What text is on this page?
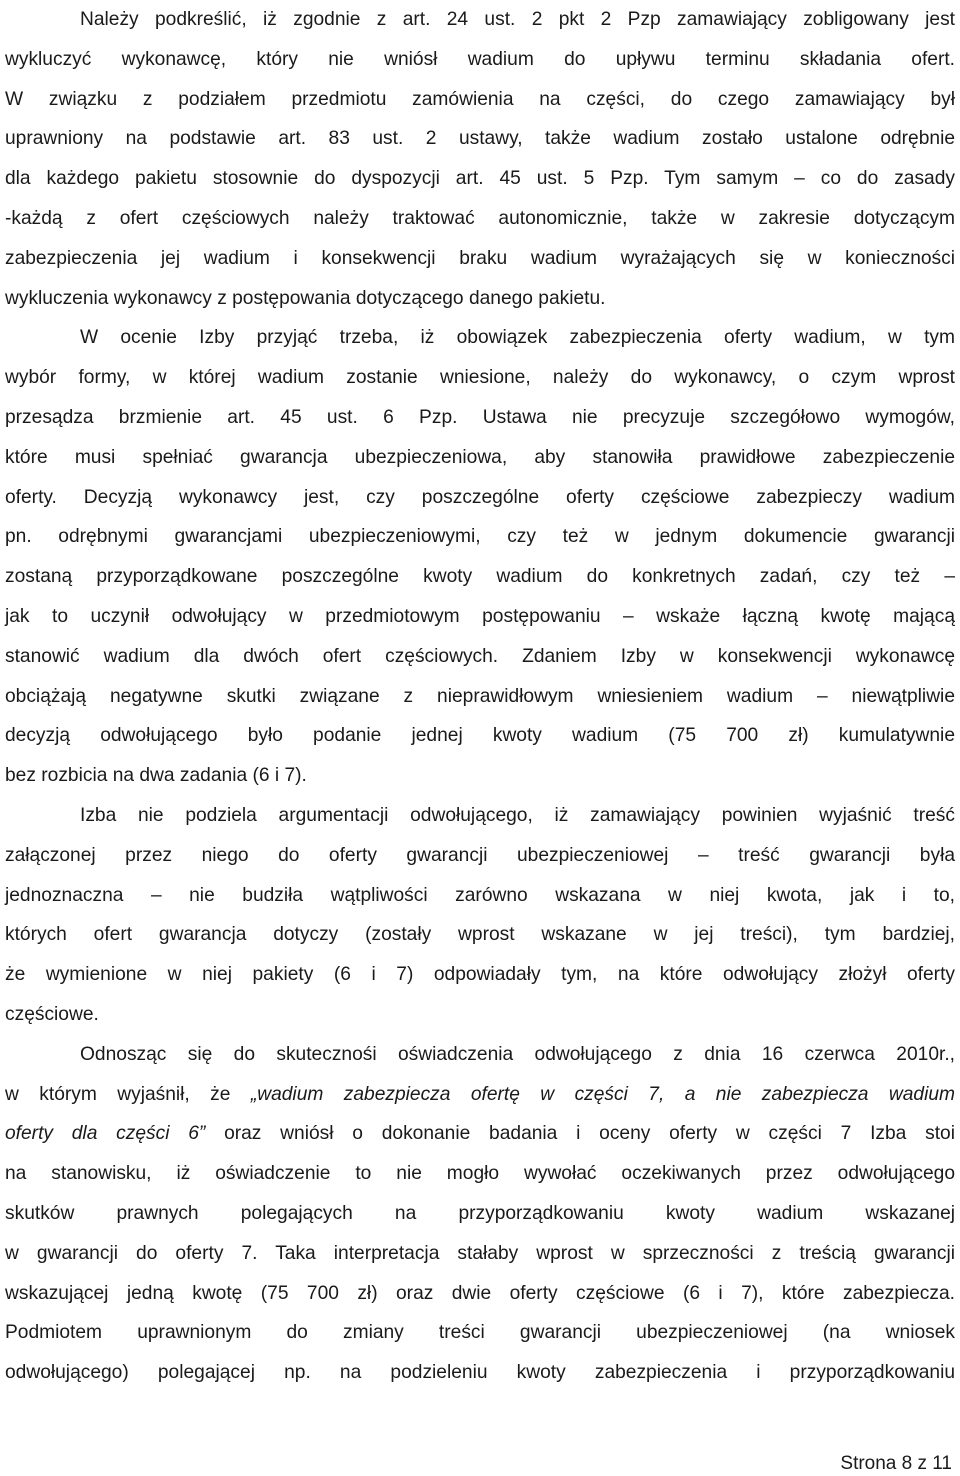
Należy podkreślić, iż zgodnie z art. 24 ust. 2 pkt 2 Pzp zamawiający zobligowany jest
wykluczyć wykonawcę, który nie wniósł wadium do upływu terminu składania ofert.
W związku z podziałem przedmiotu zamówienia na części, do czego zamawiający był
uprawniony na podstawie art. 83 ust. 2 ustawy, także wadium zostało ustalone odrębnie
dla każdego pakietu stosownie do dyspozycji art. 45 ust. 5 Pzp. Tym samym – co do zasady
-każdą z ofert częściowych należy traktować autonomicznie, także w zakresie dotyczącym
zabezpieczenia jej wadium i konsekwencji braku wadium wyrażających się w konieczności
wykluczenia wykonawcy z postępowania dotyczącego danego pakietu.

W ocenie Izby przyjąć trzeba, iż obowiązek zabezpieczenia oferty wadium, w tym
wybór formy, w której wadium zostanie wniesione, należy do wykonawcy, o czym wprost
przesądza brzmienie art. 45 ust. 6 Pzp. Ustawa nie precyzuje szczegółowo wymogów,
które musi spełniać gwarancja ubezpieczeniowa, aby stanowiła prawidłowe zabezpieczenie
oferty. Decyzją wykonawcy jest, czy poszczególne oferty częściowe zabezpieczy wadium
pn. odrębnymi gwarancjami ubezpieczeniowymi, czy też w jednym dokumencie gwarancji
zostaną przyporządkowane poszczególne kwoty wadium do konkretnych zadań, czy też –
jak to uczynił odwołujący w przedmiotowym postępowaniu – wskaże łączną kwotę mającą
stanowić wadium dla dwóch ofert częściowych. Zdaniem Izby w konsekwencji wykonawcę
obciążają negatywne skutki związane z nieprawidłowym wniesieniem wadium – niewątpliwie
decyzją odwołującego było podanie jednej kwoty wadium (75 700 zł) kumulatywnie
bez rozbicia na dwa zadania (6 i 7).

Izba nie podziela argumentacji odwołującego, iż zamawiający powinien wyjaśnić treść
załączonej przez niego do oferty gwarancji ubezpieczeniowej – treść gwarancji była
jednoznaczna – nie budziła wątpliwości zarówno wskazana w niej kwota, jak i to,
których ofert gwarancja dotyczy (zostały wprost wskazane w jej treści), tym bardziej,
że wymienione w niej pakiety (6 i 7) odpowiadały tym, na które odwołujący złożył oferty
częściowe.

Odnosząc się do skutecznośi oświadczenia odwołującego z dnia 16 czerwca 2010r.,
w którym wyjaśnił, że „wadium zabezpiecza ofertę w części 7, a nie zabezpiecza wadium
oferty dla części 6” oraz wniósł o dokonanie badania i oceny oferty w części 7 Izba stoi
na stanowisku, iż oświadczenie to nie mogło wywołać oczekiwanych przez odwołującego
skutków prawnych polegających na przyporządkowaniu kwoty wadium wskazanej
w gwarancji do oferty 7. Taka interpretacja stałaby wprost w sprzeczności z treścią gwarancji
wskazującej jedną kwotę (75 700 zł) oraz dwie oferty częściowe (6 i 7), które zabezpiecza.
Podmiotem uprawnionym do zmiany treści gwarancji ubezpieczeniowej (na wniosek
odwołującego) polegającej np. na podzieleniu kwoty zabezpieczenia i przyporządkowaniu

Strona 8 z 11
